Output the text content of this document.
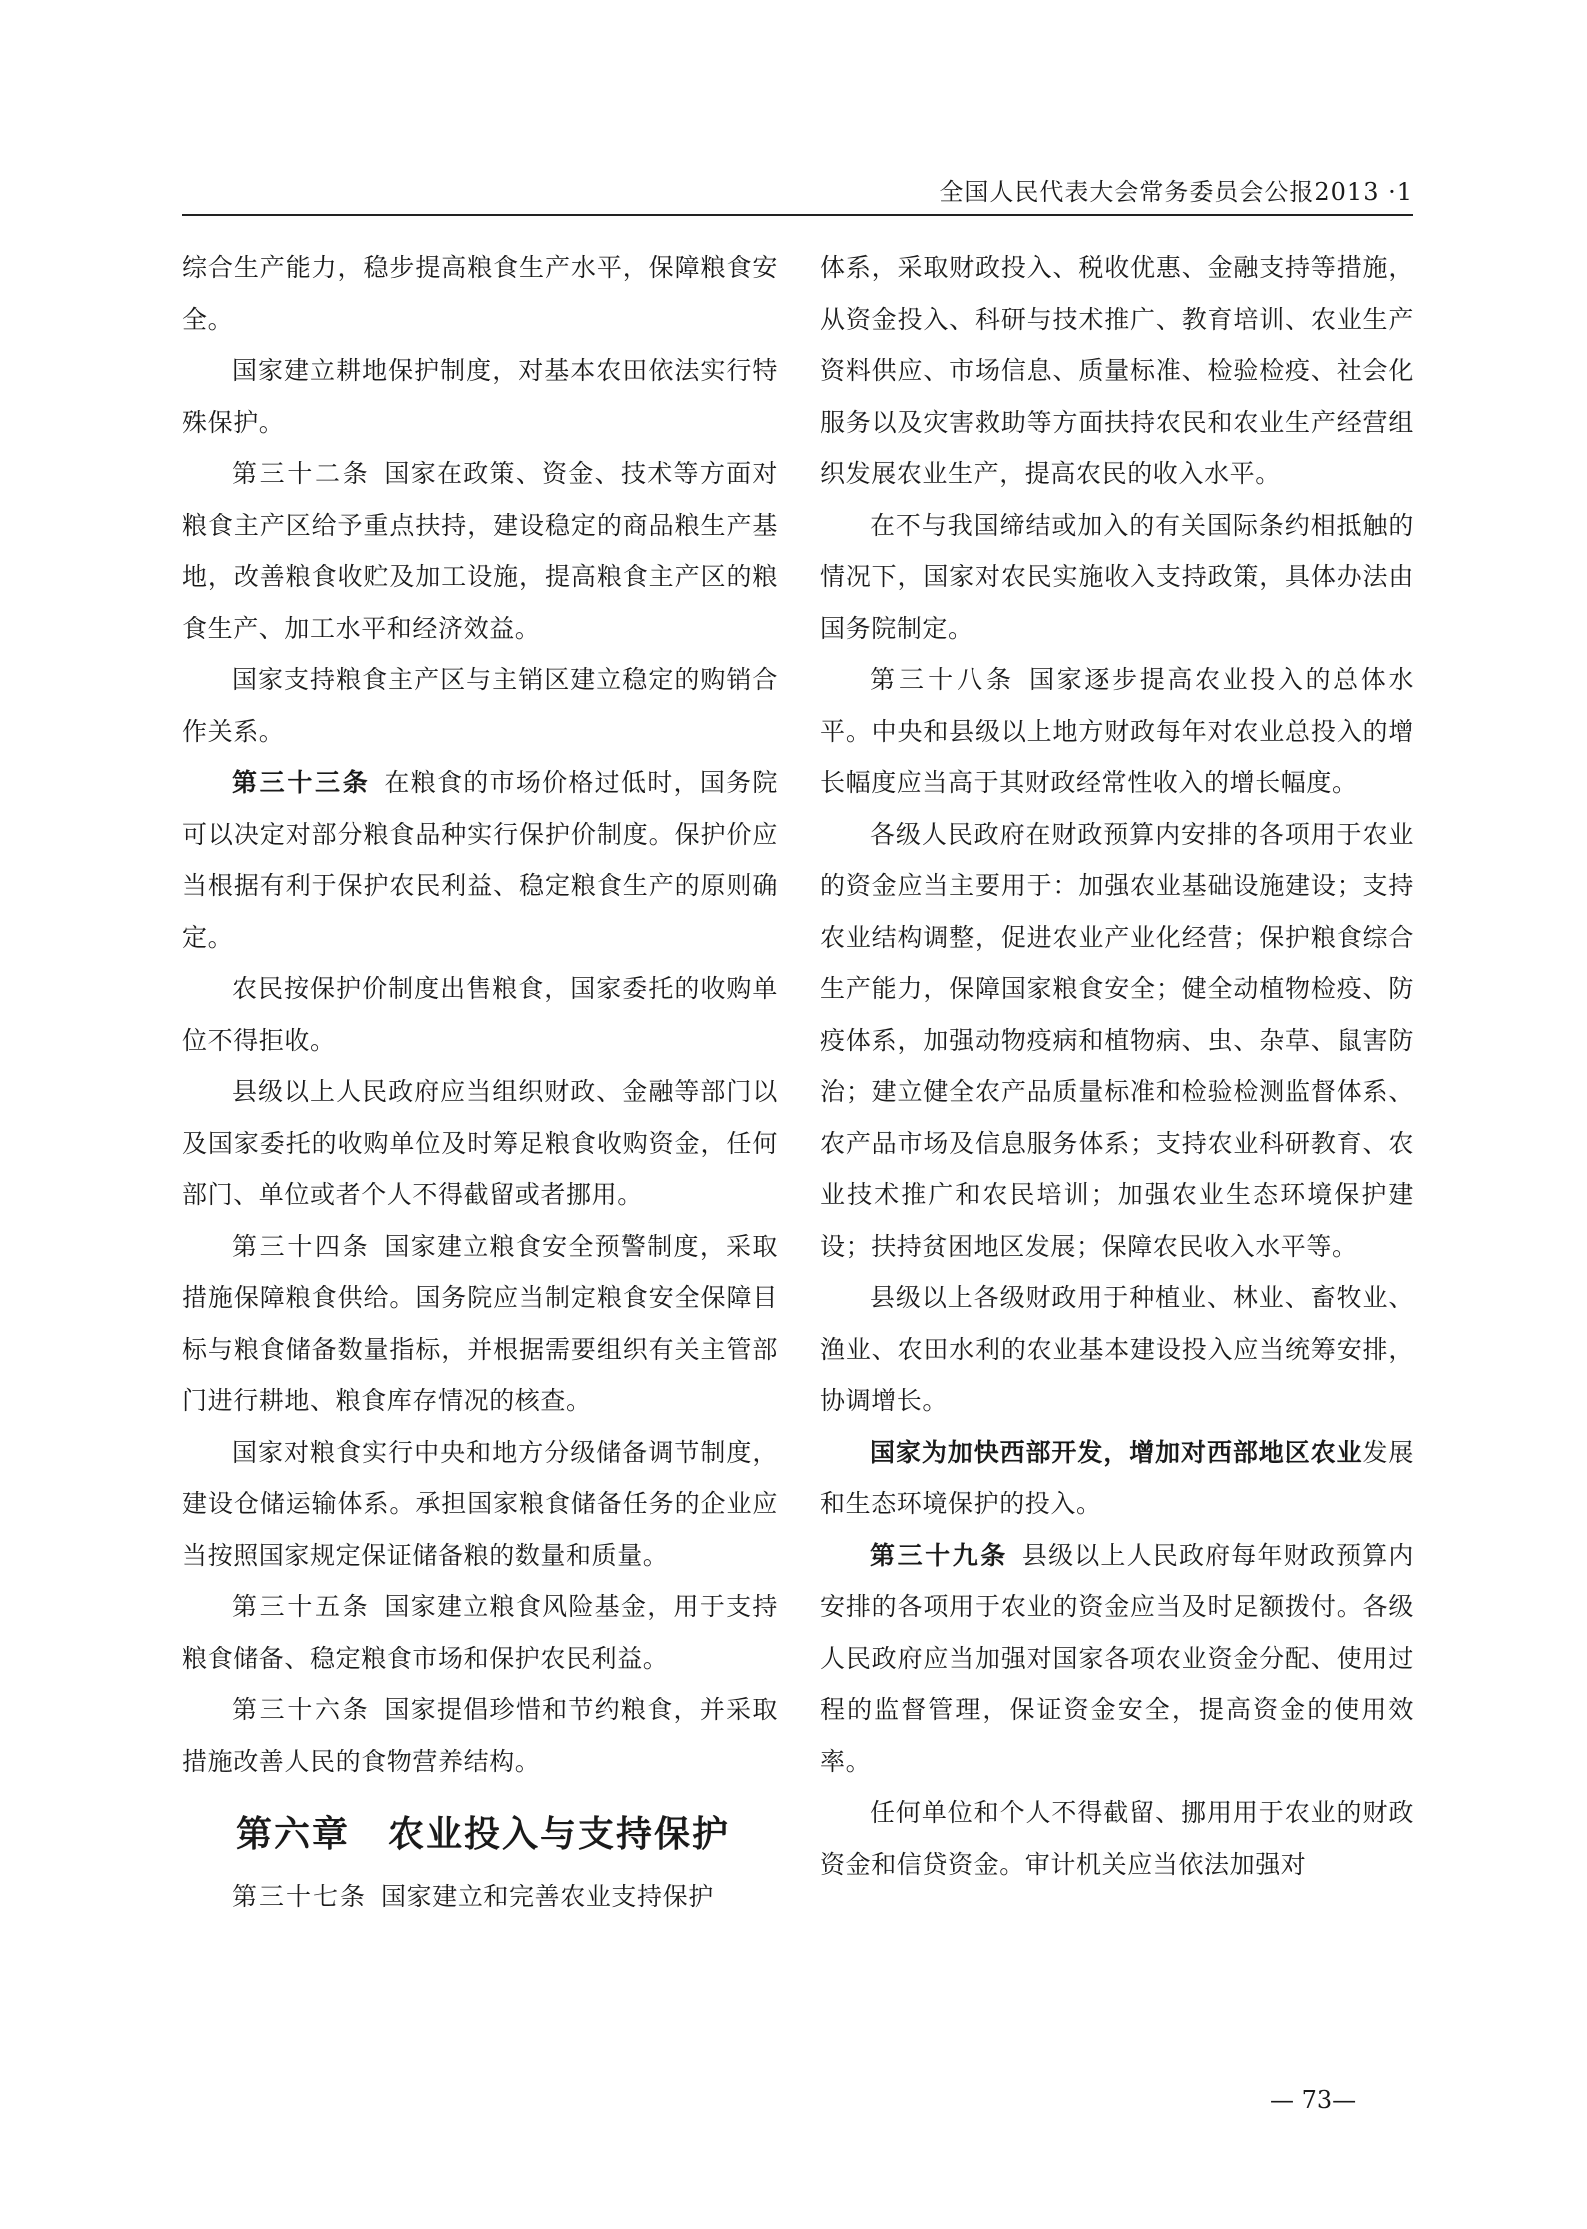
全国人民代表大会常务委员会公报2013 ·1

综合生产能力，稳步提高粮食生产水平，保障粮食安全。

国家建立耕地保护制度，对基本农田依法实行特殊保护。

第三十二条 国家在政策、资金、技术等方面对粮食主产区给予重点扶持，建设稳定的商品粮生产基地，改善粮食收贮及加工设施，提高粮食主产区的粮食生产、加工水平和经济效益。

国家支持粮食主产区与主销区建立稳定的购销合作关系。

第三十三条 在粮食的市场价格过低时，国务院可以决定对部分粮食品种实行保护价制度。保护价应当根据有利于保护农民利益、稳定粮食生产的原则确定。

农民按保护价制度出售粮食，国家委托的收购单位不得拒收。

县级以上人民政府应当组织财政、金融等部门以及国家委托的收购单位及时筹足粮食收购资金，任何部门、单位或者个人不得截留或者挪用。

第三十四条 国家建立粮食安全预警制度，采取措施保障粮食供给。国务院应当制定粮食安全保障目标与粮食储备数量指标，并根据需要组织有关主管部门进行耕地、粮食库存情况的核查。

国家对粮食实行中央和地方分级储备调节制度，建设仓储运输体系。承担国家粮食储备任务的企业应当按照国家规定保证储备粮的数量和质量。

第三十五条 国家建立粮食风险基金，用于支持粮食储备、稳定粮食市场和保护农民利益。

第三十六条 国家提倡珍惜和节约粮食，并采取措施改善人民的食物营养结构。

第六章　农业投入与支持保护

第三十七条 国家建立和完善农业支持保护

体系，采取财政投入、税收优惠、金融支持等措施，从资金投入、科研与技术推广、教育培训、农业生产资料供应、市场信息、质量标准、检验检疫、社会化服务以及灾害救助等方面扶持农民和农业生产经营组织发展农业生产，提高农民的收入水平。

在不与我国缔结或加入的有关国际条约相抵触的情况下，国家对农民实施收入支持政策，具体办法由国务院制定。

第三十八条 国家逐步提高农业投入的总体水平。中央和县级以上地方财政每年对农业总投入的增长幅度应当高于其财政经常性收入的增长幅度。

各级人民政府在财政预算内安排的各项用于农业的资金应当主要用于：加强农业基础设施建设；支持农业结构调整，促进农业产业化经营；保护粮食综合生产能力，保障国家粮食安全；健全动植物检疫、防疫体系，加强动物疫病和植物病、虫、杂草、鼠害防治；建立健全农产品质量标准和检验检测监督体系、农产品市场及信息服务体系；支持农业科研教育、农业技术推广和农民培训；加强农业生态环境保护建设；扶持贫困地区发展；保障农民收入水平等。

县级以上各级财政用于种植业、林业、畜牧业、渔业、农田水利的农业基本建设投入应当统筹安排，协调增长。

国家为加快西部开发，增加对西部地区农业发展和生态环境保护的投入。

第三十九条 县级以上人民政府每年财政预算内安排的各项用于农业的资金应当及时足额拨付。各级人民政府应当加强对国家各项农业资金分配、使用过程的监督管理，保证资金安全，提高资金的使用效率。

任何单位和个人不得截留、挪用用于农业的财政资金和信贷资金。审计机关应当依法加强对

— 73—
